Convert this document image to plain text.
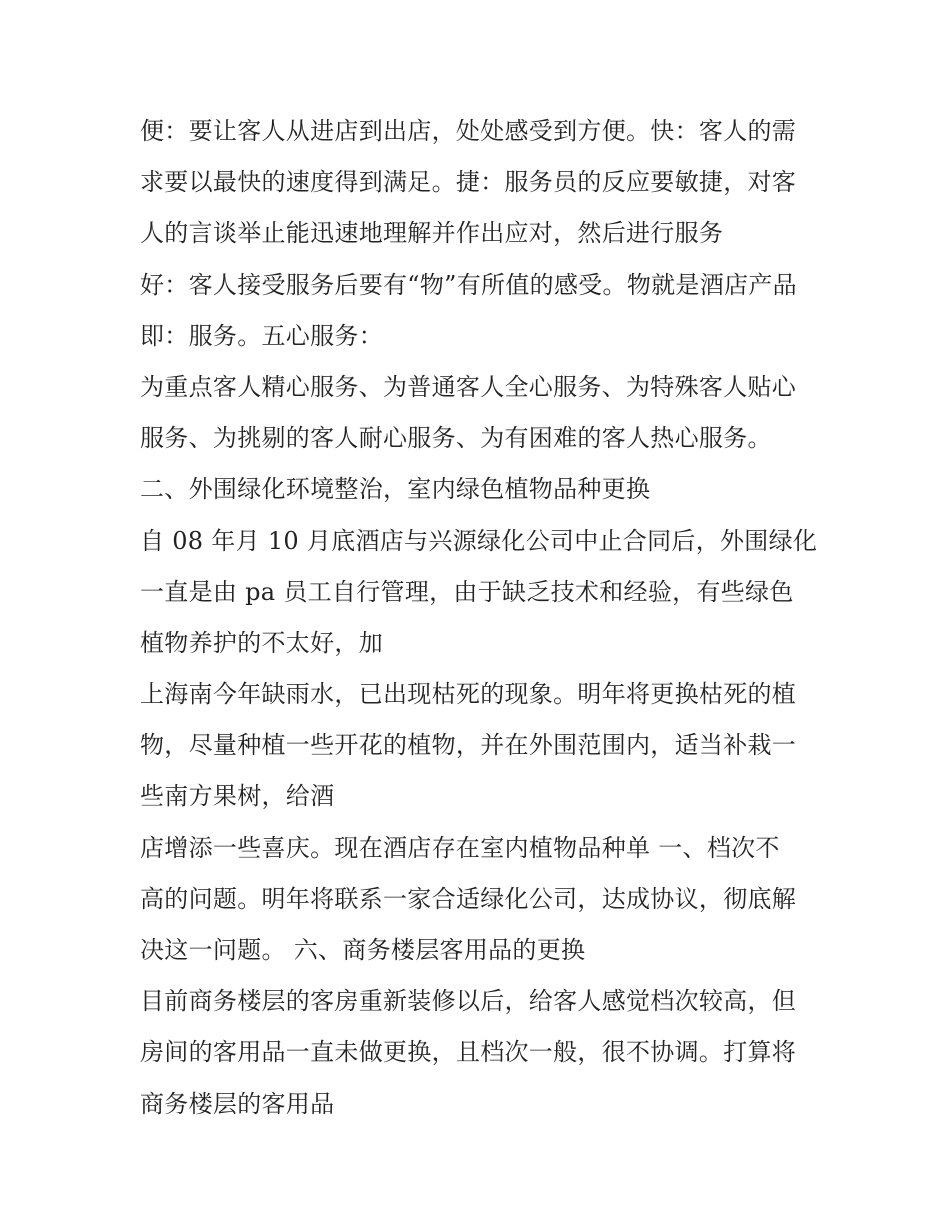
便：要让客人从进店到出店，处处感受到方便。快：客人的需
求要以最快的速度得到满足。捷：服务员的反应要敏捷，对客
人的言谈举止能迅速地理解并作出应对，然后进行服务
好：客人接受服务后要有“物”有所值的感受。物就是酒店产品
即：服务。五心服务：
为重点客人精心服务、为普通客人全心服务、为特殊客人贴心
服务、为挑剔的客人耐心服务、为有困难的客人热心服务。
二、外围绿化环境整治，室内绿色植物品种更换
自 08 年月 10 月底酒店与兴源绿化公司中止合同后，外围绿化
一直是由 pa 员工自行管理，由于缺乏技术和经验，有些绿色
植物养护的不太好，加
上海南今年缺雨水，已出现枯死的现象。明年将更换枯死的植
物，尽量种植一些开花的植物，并在外围范围内，适当补栽一
些南方果树，给酒
店增添一些喜庆。现在酒店存在室内植物品种单 一、档次不
高的问题。明年将联系一家合适绿化公司，达成协议，彻底解
决这一问题。 六、商务楼层客用品的更换
目前商务楼层的客房重新装修以后，给客人感觉档次较高，但
房间的客用品一直未做更换，且档次一般，很不协调。打算将
商务楼层的客用品
